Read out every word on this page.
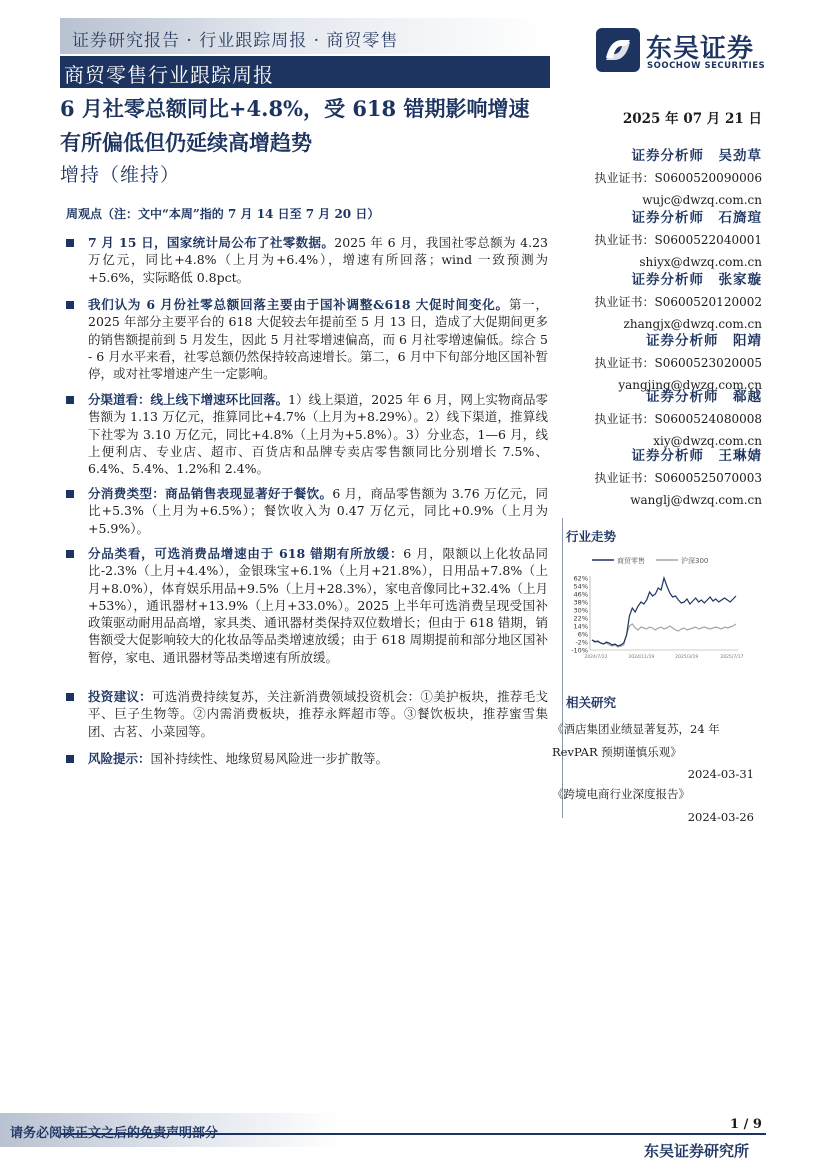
证券研究报告 · 行业跟踪周报 · 商贸零售
商贸零售行业跟踪周报
东吴证券
SOOCHOW SECURITIES
6 月社零总额同比+4.8%，受 618 错期影响增速有所偏低但仍延续高增趋势
增持（维持）
2025 年 07 月 21 日
证券分析师　吴劲草
执业证书：S0600520090006
wujc@dwzq.com.cn
证券分析师　石旖瑄
执业证书：S0600522040001
shiyx@dwzq.com.cn
证券分析师　张家璇
执业证书：S0600520120002
zhangjx@dwzq.com.cn
证券分析师　阳靖
执业证书：S0600523020005
yangjing@dwzq.com.cn
证券分析师　郗越
执业证书：S0600524080008
xiy@dwzq.com.cn
证券分析师　王琳婧
执业证书：S0600525070003
wanglj@dwzq.com.cn
周观点（注：文中“本周”指的 7 月 14 日至 7 月 20 日）
7 月 15 日，国家统计局公布了社零数据。2025 年 6 月，我国社零总额为 4.23 万亿元，同比+4.8%（上月为+6.4%），增速有所回落；wind 一致预测为+5.6%，实际略低 0.8pct。
我们认为 6 月份社零总额回落主要由于国补调整&618 大促时间变化。第一，2025 年部分主要平台的 618 大促较去年提前至 5 月 13 日，造成了大促期间更多的销售额提前到 5 月发生，因此 5 月社零增速偏高，而 6 月社零增速偏低。综合 5 - 6 月水平来看，社零总额仍然保持较高速增长。第二，6 月中下旬部分地区国补暂停，或对社零增速产生一定影响。
分渠道看：线上线下增速环比回落。1）线上渠道，2025 年 6 月，网上实物商品零售额为 1.13 万亿元，推算同比+4.7%（上月为+8.29%）。2）线下渠道，推算线下社零为 3.10 万亿元，同比+4.8%（上月为+5.8%）。3）分业态，1—6 月，线上便利店、专业店、超市、百货店和品牌专卖店零售额同比分别增长 7.5%、6.4%、5.4%、1.2%和 2.4%。
分消费类型：商品销售表现显著好于餐饮。6 月，商品零售额为 3.76 万亿元，同比+5.3%（上月为+6.5%）；餐饮收入为 0.47 万亿元，同比+0.9%（上月为+5.9%）。
分品类看，可选消费品增速由于 618 错期有所放缓：6 月，限额以上化妆品同比-2.3%（上月+4.4%），金银珠宝+6.1%（上月+21.8%），日用品+7.8%（上月+8.0%），体育娱乐用品+9.5%（上月+28.3%），家电音像同比+32.4%（上月+53%），通讯器材+13.9%（上月+33.0%）。2025 上半年可选消费呈现受国补政策驱动耐用品高增，家具类、通讯器材类保持双位数增长；但由于 618 错期，销售额受大促影响较大的化妆品等品类增速放缓；由于 618 周期提前和部分地区国补暂停，家电、通讯器材等品类增速有所放缓。
投资建议：可选消费持续复苏，关注新消费领域投资机会：①美护板块，推荐毛戈平、巨子生物等。②内需消费板块，推荐永辉超市等。③餐饮板块，推荐蜜雪集团、古茗、小菜园等。
风险提示：国补持续性、地缘贸易风险进一步扩散等。
行业走势
商贸零售	沪深300
62%
54%
46%
38%
30%
22%
14%
6%
-2%
-10%
2024/7/22	2024/11/19	2025/3/19	2025/7/17
相关研究
《酒店集团业绩显著复苏，24 年 RevPAR 预期谨慎乐观》
2024-03-31
《跨境电商行业深度报告》
2024-03-26
1 / 9
请务必阅读正文之后的免责声明部分
东吴证券研究所
